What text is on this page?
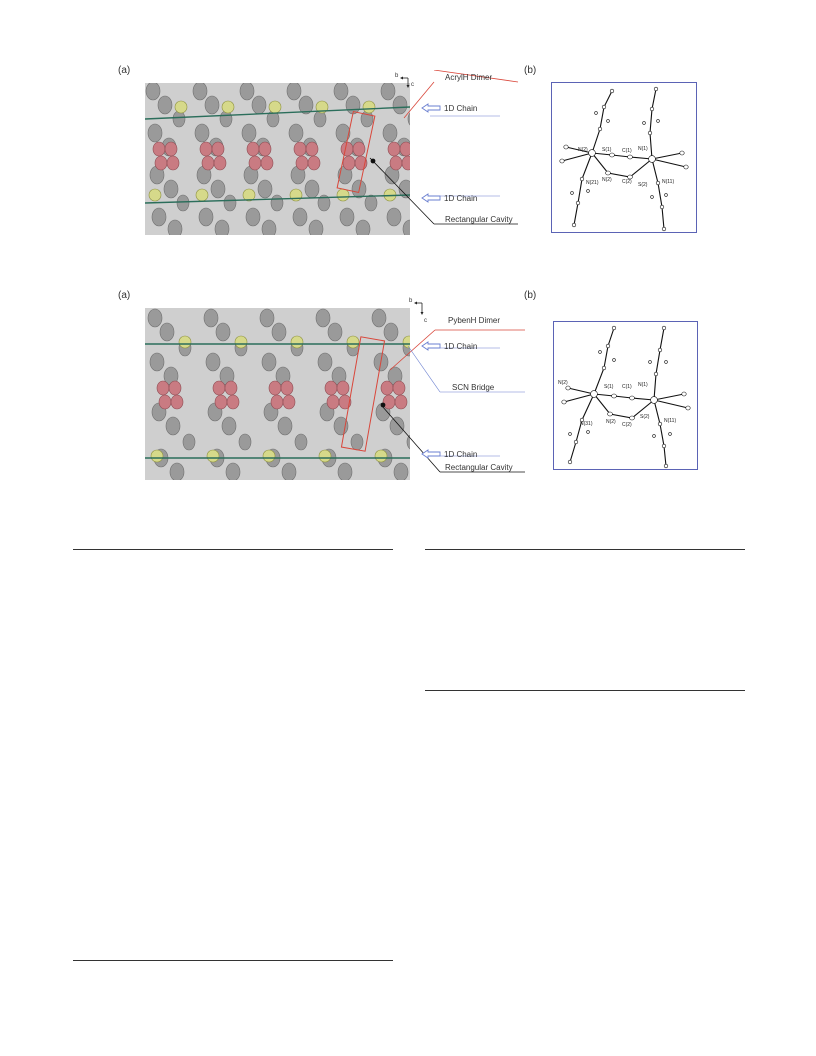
(a)	(b)
b
c
AcrylH Dimer
1D Chain
1D Chain
Rectangular Cavity
N(2)	S(1) C(1) N(1)
N(2)
N(21)	C(2) S(2)	N(11)
(a)	(b)
b
c	PybenH Dimer
1D Chain
SCN Bridge
1D Chain
Rectangular Cavity
N(2)
S(1) C(1) N(1)
N(2)
N(31)	C(2)
S(2)
N(11)
